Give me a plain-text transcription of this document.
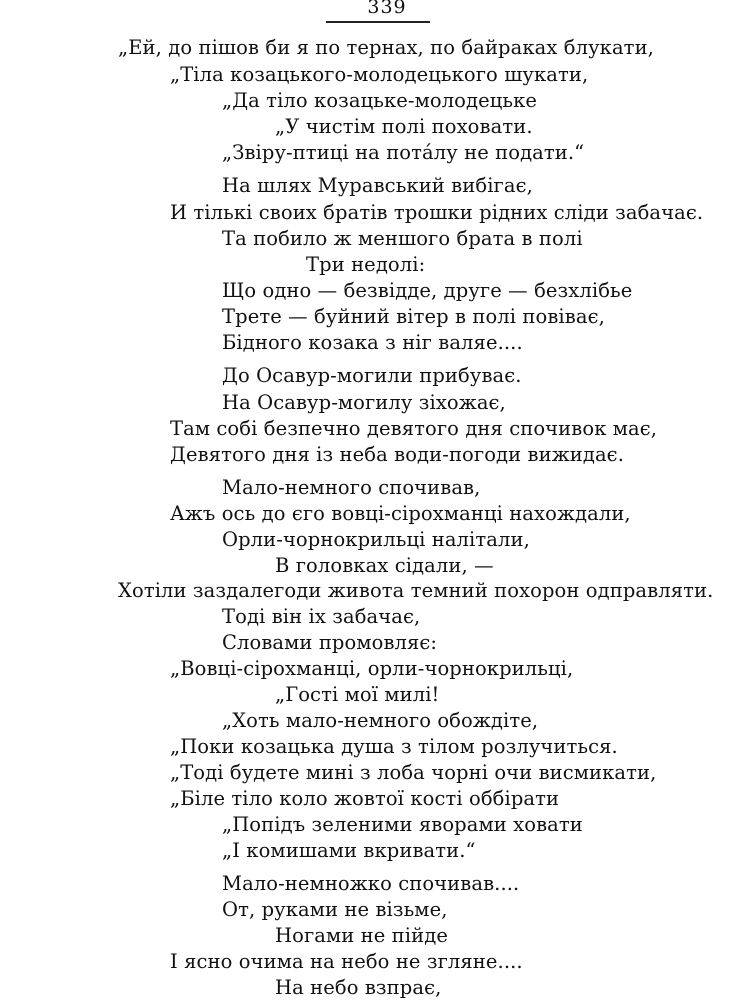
339
„Ей, до пішов би я по тернах, по байраках блукати,
„Тіла козацького-молодецького шукати,
„Да тіло козацьке-молодецьке
„У чистім полі поховати.
„Звіру-птиці на потáлу не подати.“
На шлях Муравський вибігає,
И тількі своих братів трошки рідних сліди забачає.
Та побило ж меншого брата в полі
Три недолі:
Що одно — безвідде, друге — безхлібье
Трете — буйний вітер в полі повіває,
Бідного козака з ніг валяе....
До Осавур-могили прибуває.
На Осавур-могилу зіхожає,
Там собі безпечно девятого дня спочивок має,
Девятого дня із неба води-погоди вижидає.
Мало-немного спочивав,
Ажъ ось до єго вовці-сірохманці нахождали,
Орли-чорнокрильці налітали,
В головках сідали, —
Хотіли заздалегоди живота темний похорон одправляти.
Тоді він іх забачає,
Словами промовляє:
„Вовці-сірохманці, орли-чорнокрильці,
„Гості мої милі!
„Хоть мало-немного обождіте,
„Поки козацька душа з тілом розлучиться.
„Тоді будете мині з лоба чорні очи висмикати,
„Біле тіло коло жовтої кості оббірати
„Попідъ зеленими яворами ховати
„І комишами вкривати.“
Мало-немножко спочивав....
От, руками не візьме,
Ногами не пійде
І ясно очима на небо не згляне....
На небо взпрає,
